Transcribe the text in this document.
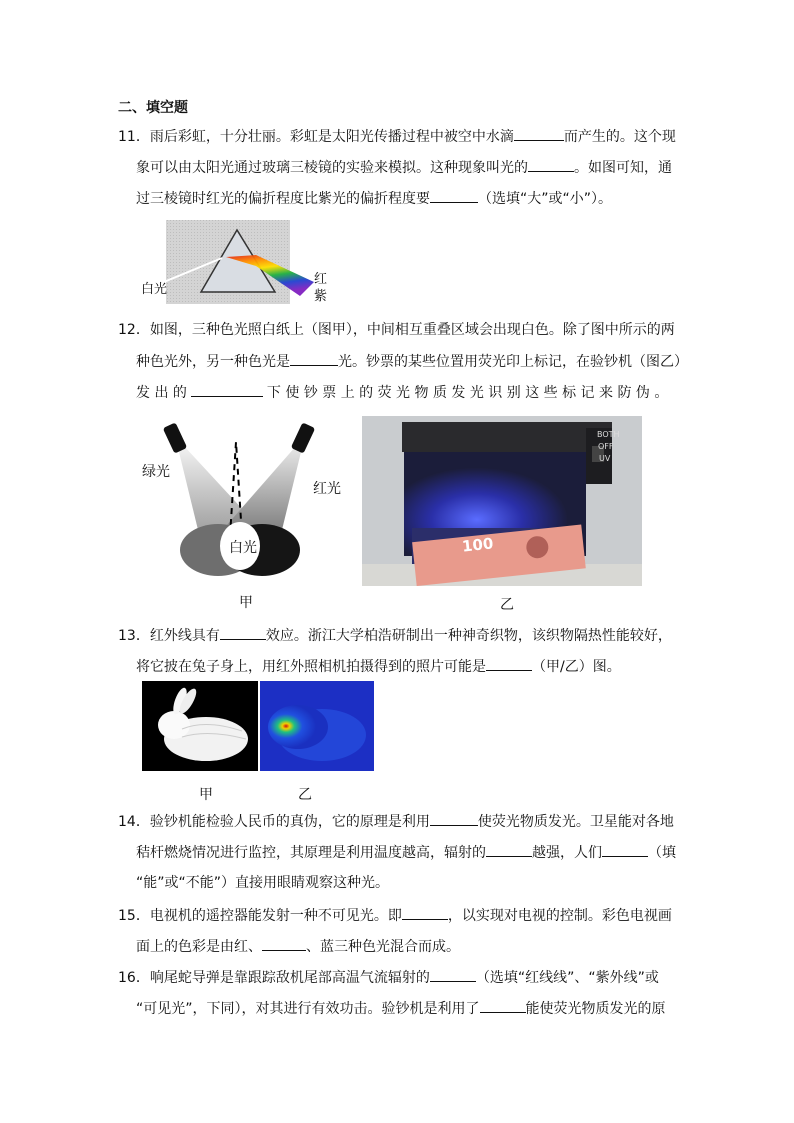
二、填空题
11．雨后彩虹，十分壮丽。彩虹是太阳光传播过程中被空中水滴	而产生的。这个现
象可以由太阳光通过玻璃三棱镜的实验来模拟。这种现象叫光的	。如图可知，通
过三棱镜时红光的偏折程度比紫光的偏折程度要	（选填“大”或“小”）。
白光
红
紫
12．如图，三种色光照白纸上（图甲），中间相互重叠区域会出现白色。除了图中所示的两
种色光外，另一种色光是	光。钞票的某些位置用荧光印上标记，在验钞机（图乙）
发 出 的	下 使 钞 票 上 的 荧 光 物 质 发 光 识 别 这 些 标 记 来 防 伪 。
绿光
红光
白光
BOTH
OFF
UV
100
甲	乙
13．红外线具有	效应。浙江大学柏浩研制出一种神奇织物，该织物隔热性能较好，
将它披在兔子身上，用红外照相机拍摄得到的照片可能是	（甲/乙）图。
甲	乙
14．验钞机能检验人民币的真伪，它的原理是利用	使荧光物质发光。卫星能对各地
秸杆燃烧情况进行监控，其原理是利用温度越高，辐射的	越强，人们	（填
“能”或“不能”）直接用眼睛观察这种光。
15．电视机的遥控器能发射一种不可见光。即	，以实现对电视的控制。彩色电视画
面上的色彩是由红、	、蓝三种色光混合而成。
16．响尾蛇导弹是靠跟踪敌机尾部高温气流辐射的	（选填“红线线”、“紫外线”或
“可见光”，下同），对其进行有效功击。验钞机是利用了	能使荧光物质发光的原
